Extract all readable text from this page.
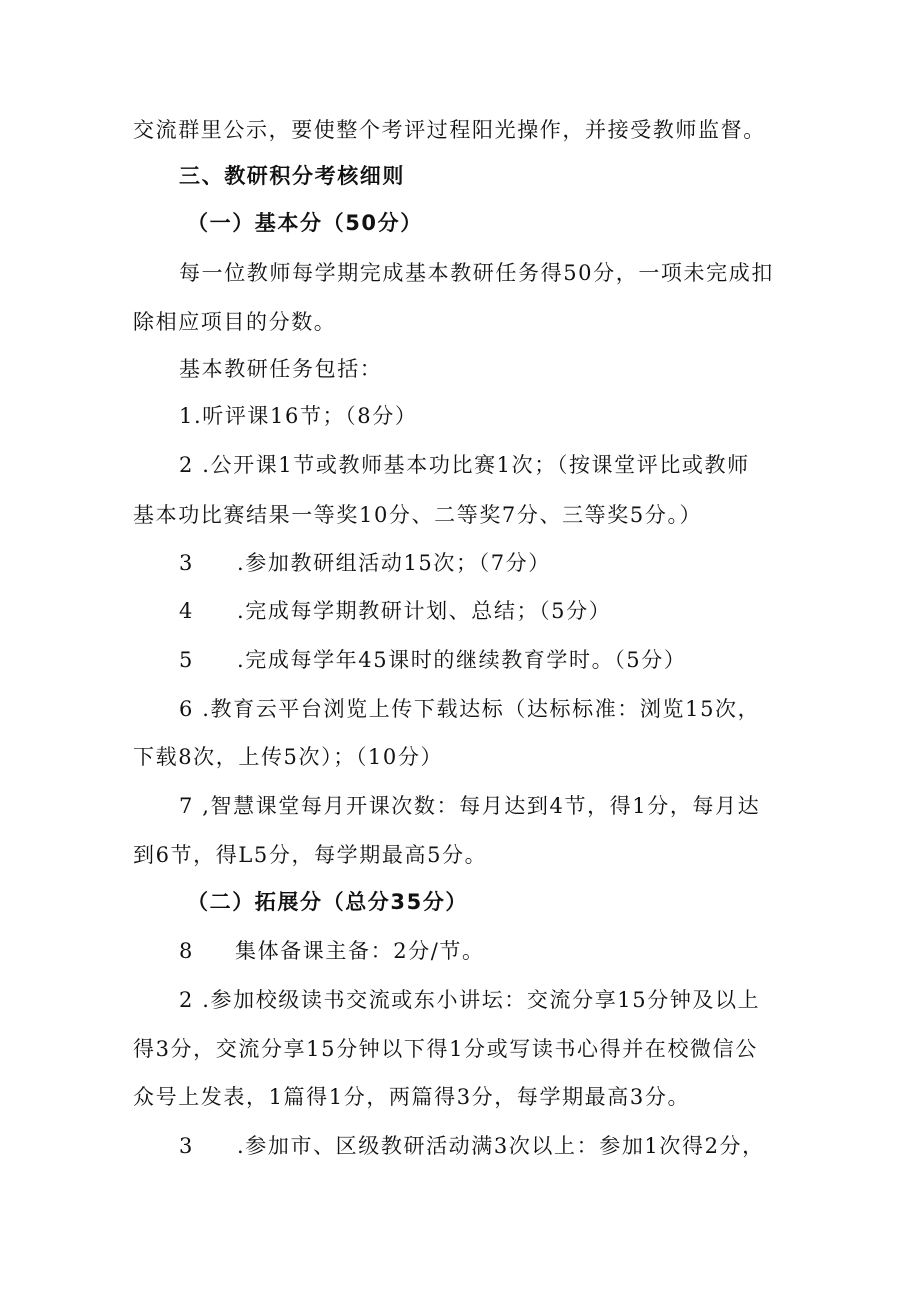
交流群里公示，要使整个考评过程阳光操作，并接受教师监督。
三、教研积分考核细则
（一）基本分（50分）
每一位教师每学期完成基本教研任务得50分，一项未完成扣
除相应项目的分数。
基本教研任务包括：
1.听评课16节；（8分）
2 .公开课1节或教师基本功比赛1次；（按课堂评比或教师
基本功比赛结果一等奖10分、二等奖7分、三等奖5分。）
3 .参加教研组活动15次；（7分）
4 .完成每学期教研计划、总结；（5分）
5 .完成每学年45课时的继续教育学时。（5分）
6 .教育云平台浏览上传下载达标（达标标准：浏览15次，
下载8次，上传5次）；（10分）
7 ,智慧课堂每月开课次数：每月达到4节，得1分，每月达
到6节，得L5分，每学期最高5分。
（二）拓展分（总分35分）
8 集体备课主备：2分/节。
2 .参加校级读书交流或东小讲坛：交流分享15分钟及以上
得3分，交流分享15分钟以下得1分或写读书心得并在校微信公
众号上发表，1篇得1分，两篇得3分，每学期最高3分。
3 .参加市、区级教研活动满3次以上：参加1次得2分，
